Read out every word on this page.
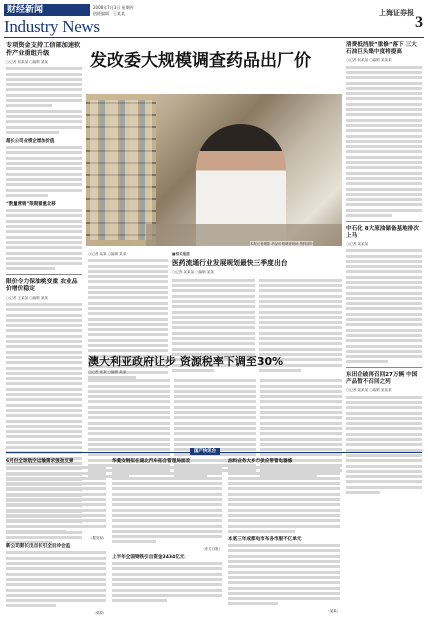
财经新闻
Industry News
2008年7月3日 星期四
值班编辑：王某某	上海证券报
3
专项资金支持工信部加速软件产业重组升级
○记者 何某某 ○编辑 某某
超长公司业绩企增加价值
“数量营销”限期着重北移
限价令力保油桃变重 农业品价增价稳定
○记者 王某某 ○编辑 某某
发改委大规模调查药品出厂价
本报记者摄影 药品价格调查现场 资料照片
○记者 某某 ○编辑 某某	■相关报道
医药流通行业发展规划最快三季度出台
○记者 某某某 ○编辑 某某
澳大利亚政府让步 资源税率下调至30%
○记者 某某 ○编辑 某某
清费抵挡胶“重修”落下 三大石油巨头集中度将提高
○记者 何某某 ○编辑 某某某
中石化 8大原油储备基地排次上马
○记者 某某某
东田企破再召回27万辆 中国产品暂不召回之列
○记者 某某某 ○编辑 某某某
国产快讯台
6月份全球航空运输需求强劲反弹
（据央视）
新公司驱长出点长引全后冷会监
（来源）
华菱安钢拟在湖北汽车拓合管理局面改
（东方日报）
上半年全国钢铁引出资金3434亿元
油料业务大乡市供应带管电器修
本底三年成都电市布各市服不亿单元
（某某）
